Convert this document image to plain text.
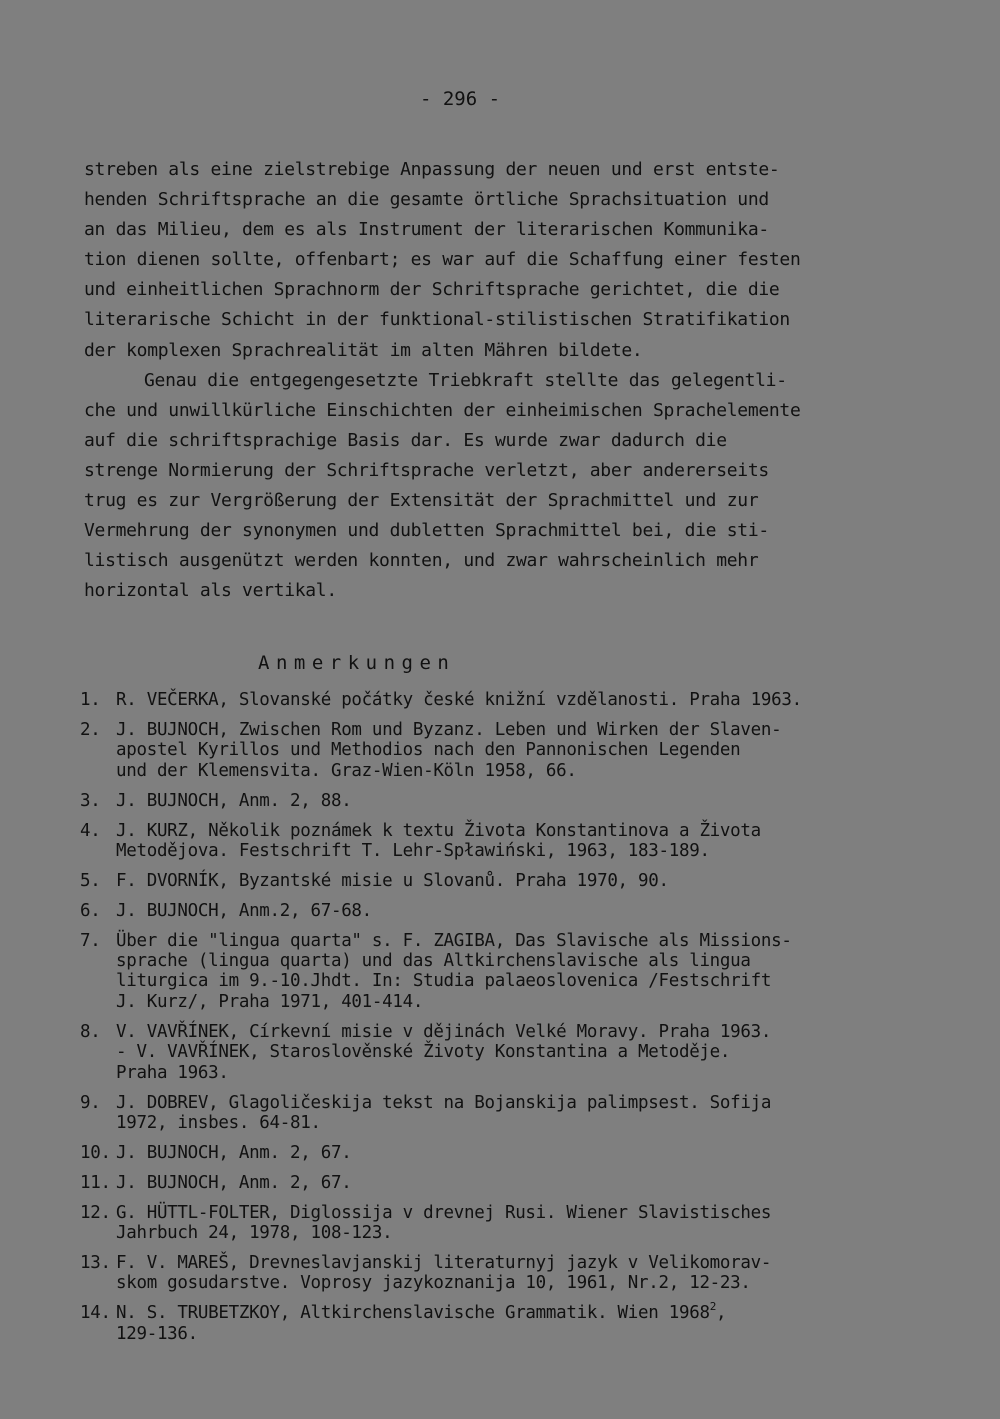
- 296 -
streben als eine zielstrebige Anpassung der neuen und erst entste-
henden Schriftsprache an die gesamte örtliche Sprachsituation und
an das Milieu, dem es als Instrument der literarischen Kommunika-
tion dienen sollte, offenbart; es war auf die Schaffung einer festen
und einheitlichen Sprachnorm der Schriftsprache gerichtet, die die
literarische Schicht in der funktional-stilistischen Stratifikation
der komplexen Sprachrealität im alten Mähren bildete.
Genau die entgegengesetzte Triebkraft stellte das gelegentli-
che und unwillkürliche Einschichten der einheimischen Sprachelemente
auf die schriftsprachige Basis dar. Es wurde zwar dadurch die
strenge Normierung der Schriftsprache verletzt, aber andererseits
trug es zur Vergrößerung der Extensität der Sprachmittel und zur
Vermehrung der synonymen und dubletten Sprachmittel bei, die sti-
listisch ausgenützt werden konnten, und zwar wahrscheinlich mehr
horizontal als vertikal.
Anmerkungen
1. R. VEČERKA, Slovanské počátky české knižní vzdělanosti. Praha 1963.
2. J. BUJNOCH, Zwischen Rom und Byzanz. Leben und Wirken der Slaven-
apostel Kyrillos und Methodios nach den Pannonischen Legenden
und der Klemensvita. Graz-Wien-Köln 1958, 66.
3. J. BUJNOCH, Anm. 2, 88.
4. J. KURZ, Několik poznámek k textu Života Konstantinova a Života
Metodějova. Festschrift T. Lehr-Spławiński, 1963, 183-189.
5. F. DVORNÍK, Byzantské misie u Slovanů. Praha 1970, 90.
6. J. BUJNOCH, Anm.2, 67-68.
7. Über die "lingua quarta" s. F. ZAGIBA, Das Slavische als Missions-
sprache (lingua quarta) und das Altkirchenslavische als lingua
liturgica im 9.-10.Jhdt. In: Studia palaeoslovenica /Festschrift
J. Kurz/, Praha 1971, 401-414.
8. V. VAVŘÍNEK, Církevní misie v dějinách Velké Moravy. Praha 1963.
- V. VAVŘÍNEK, Staroslověnské Životy Konstantina a Metoděje.
Praha 1963.
9. J. DOBREV, Glagoličeskija tekst na Bojanskija palimpsest. Sofija
1972, insbes. 64-81.
10. J. BUJNOCH, Anm. 2, 67.
11. J. BUJNOCH, Anm. 2, 67.
12. G. HÜTTL-FOLTER, Diglossija v drevnej Rusi. Wiener Slavistisches
Jahrbuch 24, 1978, 108-123.
13. F. V. MAREŠ, Drevneslavjanskij literaturnyj jazyk v Velikomorav-
skom gosudarstve. Voprosy jazykoznanija 10, 1961, Nr.2, 12-23.
14. N. S. TRUBETZKOY, Altkirchenslavische Grammatik. Wien 1968$^2$,
129-136.
